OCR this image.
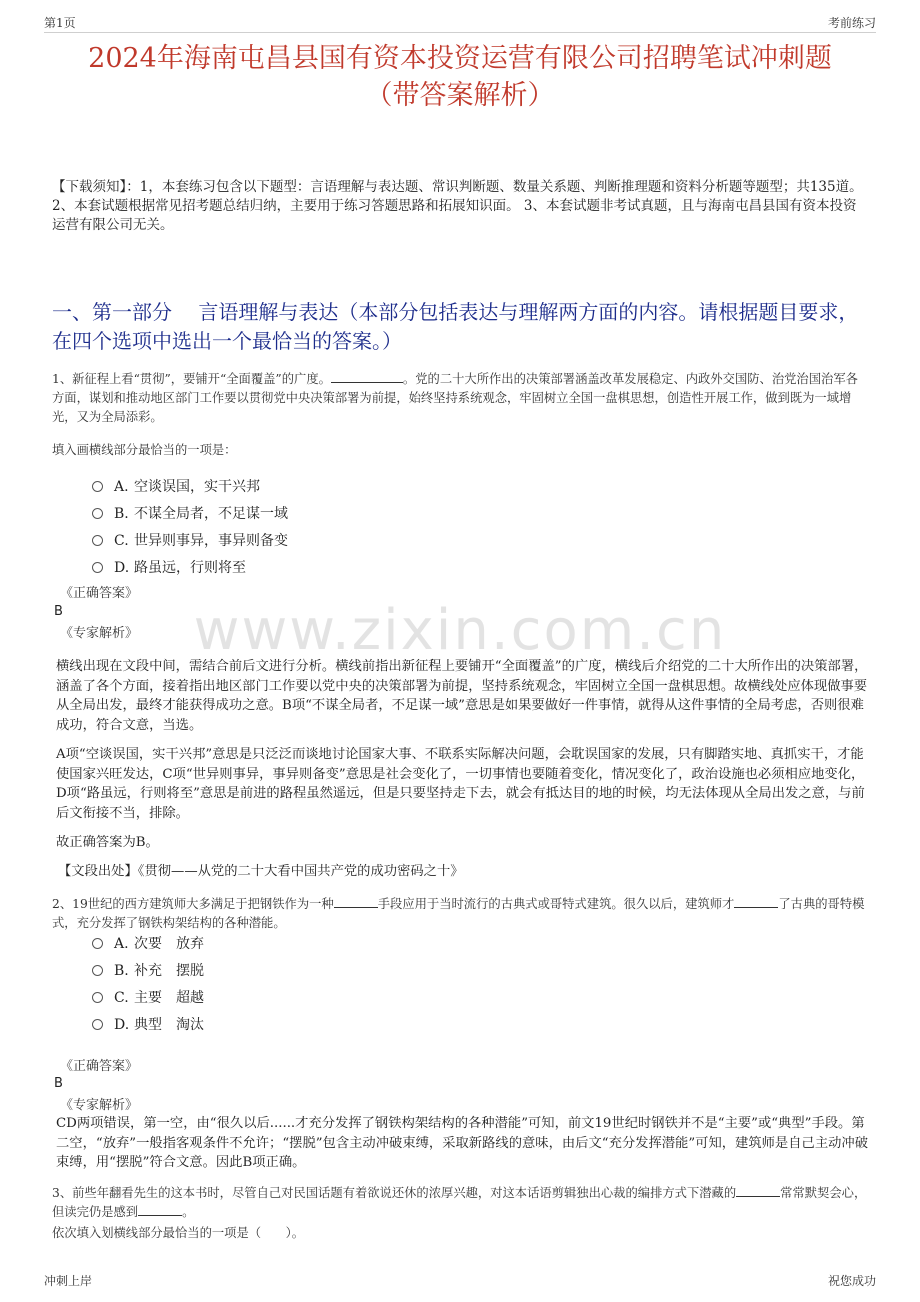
第1页	考前练习
2024年海南屯昌县国有资本投资运营有限公司招聘笔试冲刺题
（带答案解析）
【下载须知】：1，本套练习包含以下题型：言语理解与表达题、常识判断题、数量关系题、判断推理题和资料分析题等题型；共135道。 2、本套试题根据常见招考题总结归纳，主要用于练习答题思路和拓展知识面。 3、本套试题非考试真题，且与海南屯昌县国有资本投资运营有限公司无关。
一、第一部分　 言语理解与表达（本部分包括表达与理解两方面的内容。请根据题目要求，在四个选项中选出一个最恰当的答案。）
1、新征程上看“贯彻”，要铺开“全面覆盖”的广度。	。党的二十大所作出的决策部署涵盖改革发展稳定、内政外交国防、治党治国治军各方面，谋划和推动地区部门工作要以贯彻党中央决策部署为前提，始终坚持系统观念，牢固树立全国一盘棋思想，创造性开展工作，做到既为一域增光，又为全局添彩。
填入画横线部分最恰当的一项是：
A. 空谈误国，实干兴邦
B. 不谋全局者，不足谋一域
C. 世异则事异，事异则备变
D. 路虽远，行则将至
《正确答案》
B
《专家解析》 www.zixin.com.cn

横线出现在文段中间，需结合前后文进行分析。横线前指出新征程上要铺开“全面覆盖”的广度，横线后介绍党的二十大所作出的决策部署，涵盖了各个方面，接着指出地区部门工作要以党中央的决策部署为前提，坚持系统观念，牢固树立全国一盘棋思想。故横线处应体现做事要从全局出发，最终才能获得成功之意。B项“不谋全局者，不足谋一域”意思是如果要做好一件事情，就得从这件事情的全局考虑，否则很难成功，符合文意，当选。

A项“空谈误国，实干兴邦”意思是只泛泛而谈地讨论国家大事、不联系实际解决问题，会耽误国家的发展，只有脚踏实地、真抓实干，才能使国家兴旺发达，C项“世异则事异，事异则备变”意思是社会变化了，一切事情也要随着变化，情况变化了，政治设施也必须相应地变化，D项“路虽远，行则将至”意思是前进的路程虽然遥远，但是只要坚持走下去，就会有抵达目的地的时候，均无法体现从全局出发之意，与前后文衔接不当，排除。

故正确答案为B。

【文段出处】《贯彻——从党的二十大看中国共产党的成功密码之十》
2、19世纪的西方建筑师大多满足于把钢铁作为一种	手段应用于当时流行的古典式或哥特式建筑。很久以后，建筑师才	了古典的哥特模式，充分发挥了钢铁构架结构的各种潜能。
A. 次要　放弃
B. 补充　摆脱
C. 主要　超越
D. 典型　淘汰
《正确答案》
B
《专家解析》
CD两项错误，第一空，由“很久以后......才充分发挥了钢铁构架结构的各种潜能”可知，前文19世纪时钢铁并不是“主要”或“典型”手段。第二空，“放弃”一般指客观条件不允许；“摆脱”包含主动冲破束缚，采取新路线的意味，由后文“充分发挥潜能”可知，建筑师是自己主动冲破束缚，用“摆脱”符合文意。因此B项正确。
3、前些年翻看先生的这本书时，尽管自己对民国话题有着欲说还休的浓厚兴趣，对这本话语剪辑独出心裁的编排方式下潜藏的	常常默契会心，但读完仍是感到	。
依次填入划横线部分最恰当的一项是（　　）。
冲刺上岸	祝您成功
